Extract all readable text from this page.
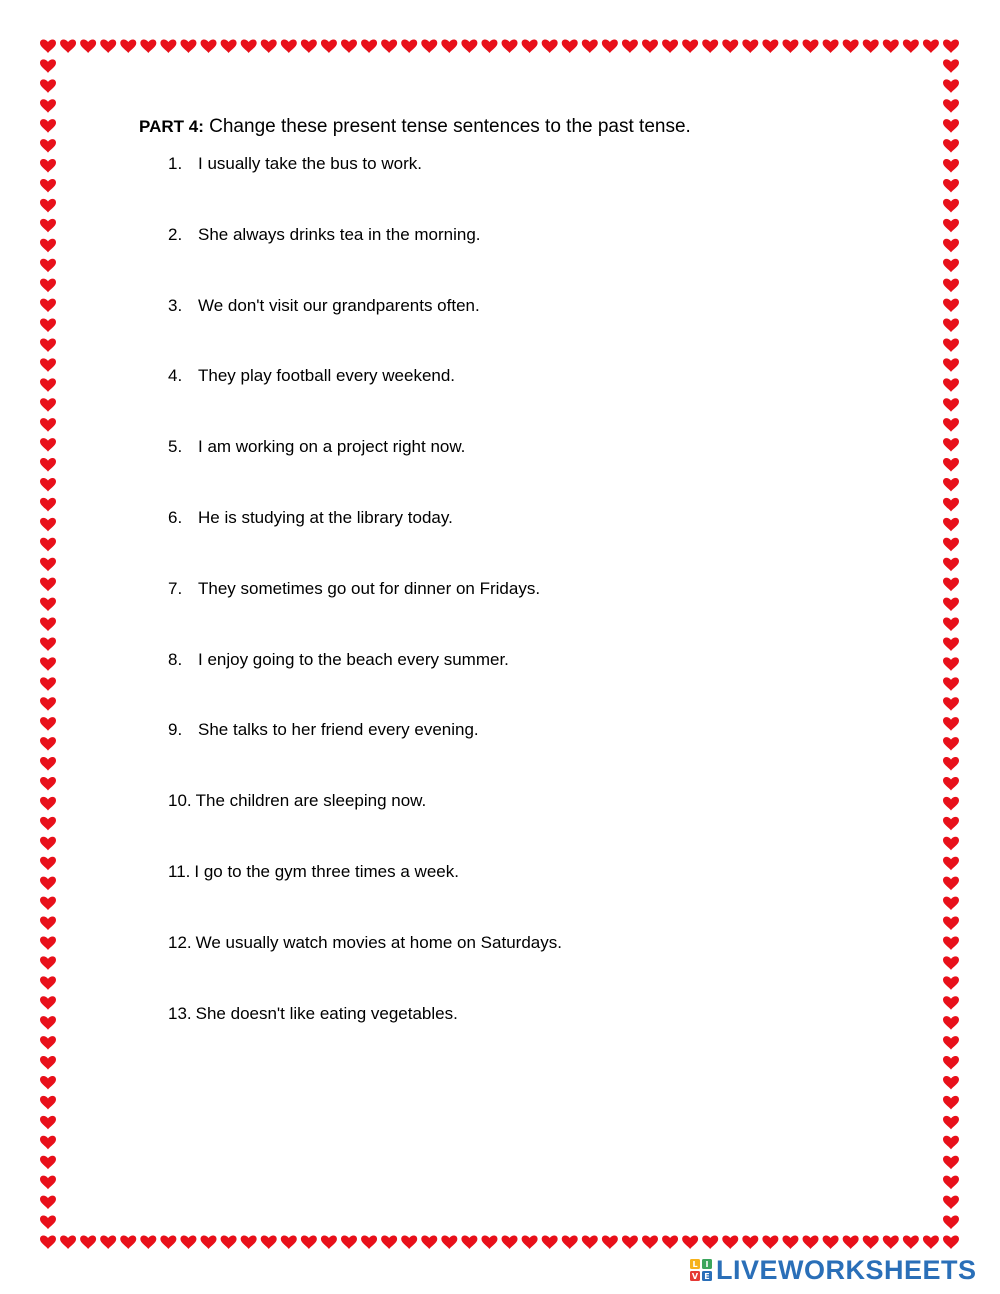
PART 4: Change these present tense sentences to the past tense.
1. I usually take the bus to work.
2. She always drinks tea in the morning.
3. We don't visit our grandparents often.
4. They play football every weekend.
5. I am working on a project right now.
6. He is studying at the library today.
7. They sometimes go out for dinner on Fridays.
8. I enjoy going to the beach every summer.
9. She talks to her friend every evening.
10. The children are sleeping now.
11. I go to the gym three times a week.
12. We usually watch movies at home on Saturdays.
13. She doesn't like eating vegetables.
L I
V E LIVEWORKSHEETS
